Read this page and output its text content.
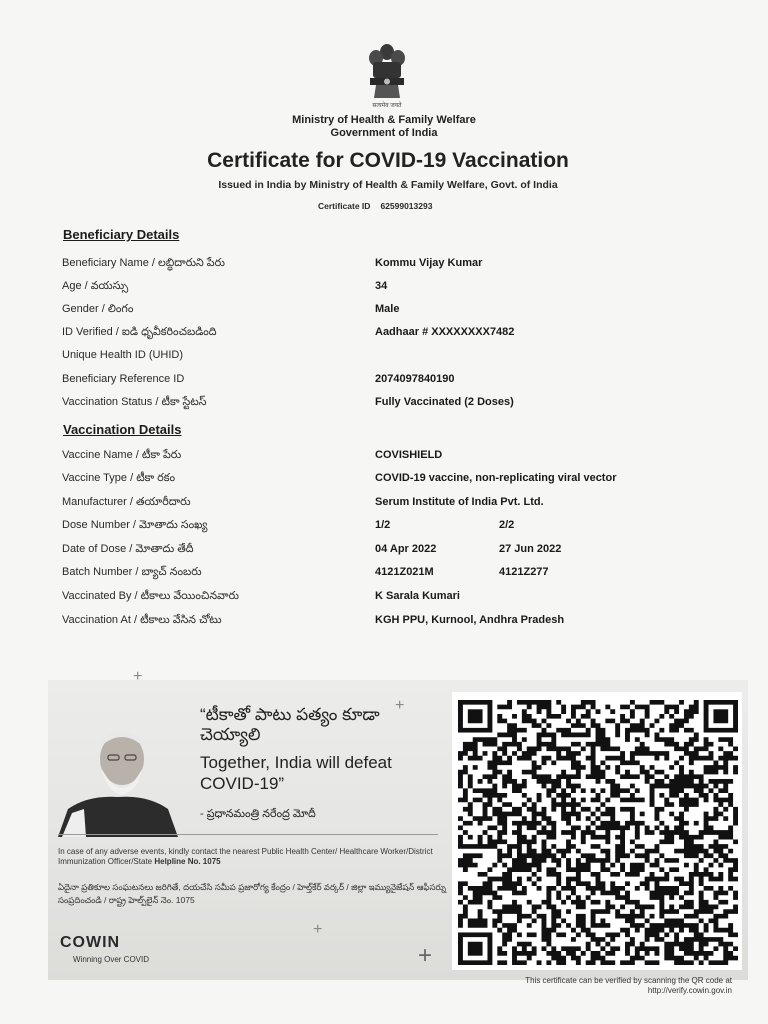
सत्यमेव जयते
Ministry of Health & Family Welfare
Government of India
Certificate for COVID-19 Vaccination
Issued in India by Ministry of Health & Family Welfare, Govt. of India
Certificate ID 62599013293
Beneficiary Details
Beneficiary Name / లబ్ధిదారుని పేరు	Kommu Vijay Kumar
Age / వయస్సు	34
Gender / లింగం	Male
ID Verified / ఐడి ధృవీకరించబడింది	Aadhaar # XXXXXXXX7482
Unique Health ID (UHID)
Beneficiary Reference ID	2074097840190
Vaccination Status / టీకా స్టేటస్	Fully Vaccinated (2 Doses)
Vaccination Details
Vaccine Name / టీకా పేరు	COVISHIELD
Vaccine Type / టీకా రకం	COVID-19 vaccine, non-replicating viral vector
Manufacturer / తయారీదారు	Serum Institute of India Pvt. Ltd.
Dose Number / మోతాదు సంఖ్య	1/2	2/2
Date of Dose / మోతాదు తేదీ	04 Apr 2022	27 Jun 2022
Batch Number / బ్యాచ్ నంబరు	4121Z021M	4121Z277
Vaccinated By / టీకాలు వేయించినవారు	K Sarala Kumari
Vaccination At / టీకాలు వేసిన చోటు	KGH PPU, Kurnool, Andhra Pradesh
+
+
+
+
“టీకాతో పాటు పత్యం కూడా చెయ్యాలి
Together, India will defeat COVID-19”
- ప్రధానమంత్రి నరేంద్ర మోదీ
In case of any adverse events, kindly contact the nearest Public Health Center/ Healthcare Worker/District Immunization Officer/State Helpline No. 1075
ఏదైనా ప్రతికూల సంఘటనలు జరిగితే, దయచేసి సమీప ప్రజారోగ్య కేంద్రం / హెల్త్‌కేర్ వర్కర్ / జిల్లా ఇమ్యునైజేషన్ ఆఫీసర్ను సంప్రదించండి / రాష్ట్ర హెల్ప్‌లైన్ నెం. 1075
COWIN
Winning Over COVID
This certificate can be verified by scanning the QR code at
http://verify.cowin.gov.in
